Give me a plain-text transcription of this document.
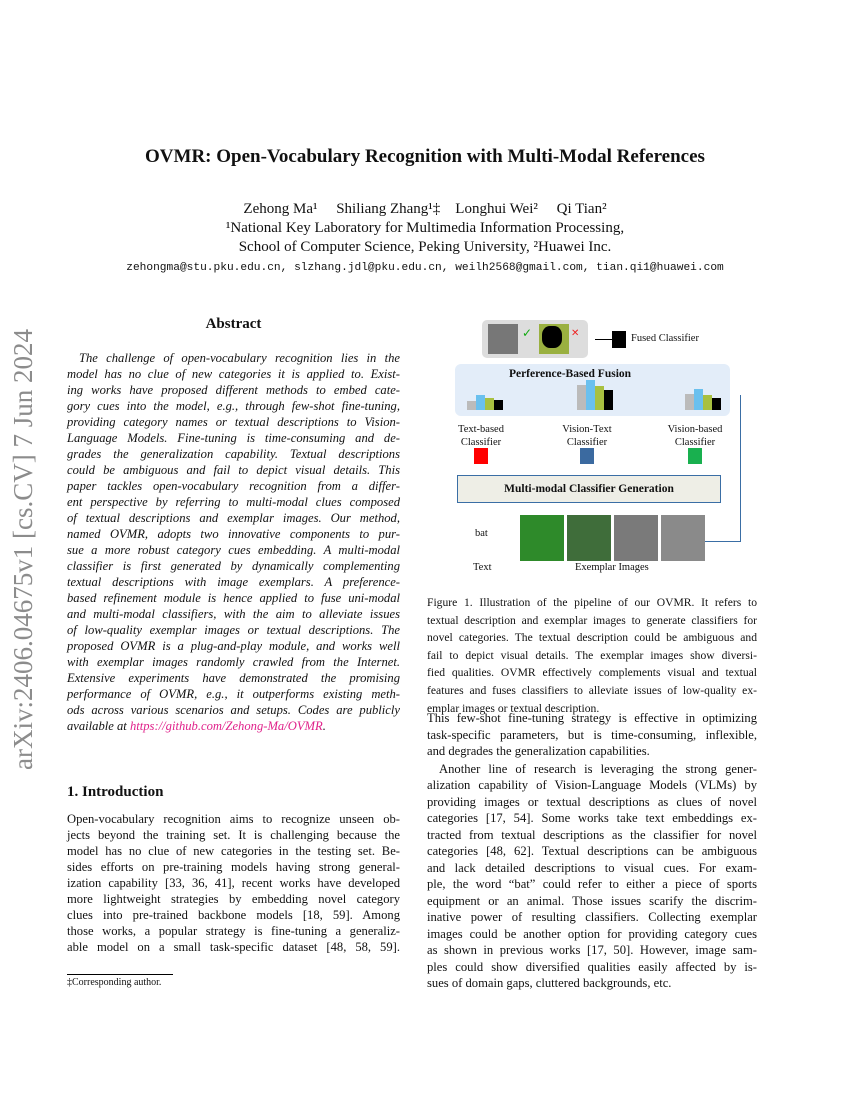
arXiv:2406.04675v1 [cs.CV] 7 Jun 2024
OVMR: Open-Vocabulary Recognition with Multi-Modal References
Zehong Ma¹     Shiliang Zhang¹‡    Longhui Wei²     Qi Tian²
¹National Key Laboratory for Multimedia Information Processing,
School of Computer Science, Peking University, ²Huawei Inc.
zehongma@stu.pku.edu.cn, slzhang.jdl@pku.edu.cn, weilh2568@gmail.com, tian.qi1@huawei.com
Abstract
The challenge of open-vocabulary recognition lies in the
model has no clue of new categories it is applied to. Exist-
ing works have proposed different methods to embed cate-
gory cues into the model, e.g., through few-shot fine-tuning,
providing category names or textual descriptions to Vision-
Language Models. Fine-tuning is time-consuming and de-
grades the generalization capability. Textual descriptions
could be ambiguous and fail to depict visual details. This
paper tackles open-vocabulary recognition from a differ-
ent perspective by referring to multi-modal clues composed
of textual descriptions and exemplar images. Our method,
named OVMR, adopts two innovative components to pur-
sue a more robust category cues embedding. A multi-modal
classifier is first generated by dynamically complementing
textual descriptions with image exemplars. A preference-
based refinement module is hence applied to fuse uni-modal
and multi-modal classifiers, with the aim to alleviate issues
of low-quality exemplar images or textual descriptions. The
proposed OVMR is a plug-and-play module, and works well
with exemplar images randomly crawled from the Internet.
Extensive experiments have demonstrated the promising
performance of OVMR, e.g., it outperforms existing meth-
ods across various scenarios and setups. Codes are publicly
available at https://github.com/Zehong-Ma/OVMR.
1. Introduction
Open-vocabulary recognition aims to recognize unseen ob-
jects beyond the training set. It is challenging because the
model has no clue of new categories in the testing set. Be-
sides efforts on pre-training models having strong general-
ization capability [33, 36, 41], recent works have developed
more lightweight strategies by embedding novel category
clues into pre-trained backbone models [18, 59]. Among
those works, a popular strategy is fine-tuning a generaliz-
able model on a small task-specific dataset [48, 58, 59].
‡Corresponding author.
✓	✕	Fused Classifier
Perference-Based Fusion
Text-based
Classifier
Vision-Text
Classifier
Vision-based
Classifier
Multi-modal Classifier Generation
bat
Text	Exemplar Images
Figure 1. Illustration of the pipeline of our OVMR. It refers to
textual description and exemplar images to generate classifiers for
novel categories. The textual description could be ambiguous and
fail to depict visual details. The exemplar images show diversi-
fied qualities. OVMR effectively complements visual and textual
features and fuses classifiers to alleviate issues of low-quality ex-
emplar images or textual description.
This few-shot fine-tuning strategy is effective in optimizing
task-specific parameters, but is time-consuming, inflexible,
and degrades the generalization capabilities.
Another line of research is leveraging the strong gener-
alization capability of Vision-Language Models (VLMs) by
providing images or textual descriptions as clues of novel
categories [17, 54]. Some works take text embeddings ex-
tracted from textual descriptions as the classifier for novel
categories [48, 62]. Textual descriptions can be ambiguous
and lack detailed descriptions to visual cues. For exam-
ple, the word “bat” could refer to either a piece of sports
equipment or an animal. Those issues scarify the discrim-
inative power of resulting classifiers. Collecting exemplar
images could be another option for providing category cues
as shown in previous works [17, 50]. However, image sam-
ples could show diversified qualities easily affected by is-
sues of domain gaps, cluttered backgrounds, etc.
